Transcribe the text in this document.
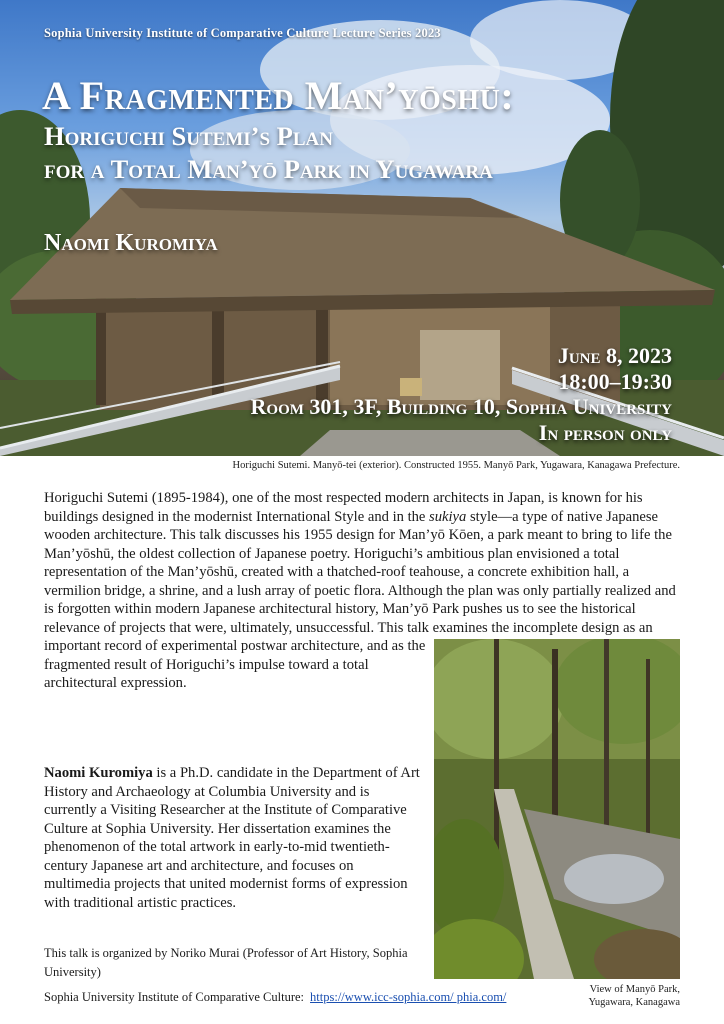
Sophia University Institute of Comparative Culture Lecture Series 2023
A Fragmented Man’yōshū:
Horiguchi Sutemi’s Plan
for a Total Man’yō Park in Yugawara
Naomi Kuromiya
June 8, 2023
18:00–19:30
Room 301, 3F, Building 10, Sophia University
In person only
Horiguchi Sutemi. Manyō-tei (exterior). Constructed 1955. Manyō Park, Yugawara, Kanagawa Prefecture.

Horiguchi Sutemi (1895-1984), one of the most respected modern architects in Japan, is known for his buildings designed in the modernist International Style and in the sukiya style—a type of native Japanese wooden architecture. This talk discusses his 1955 design for Man’yō Kōen, a park meant to bring to life the Man’yōshū, the oldest collection of Japanese poetry. Horiguchi’s ambitious plan envisioned a total representation of the Man’yōshū, created with a thatched-roof teahouse, a concrete exhibition hall, a vermilion bridge, a shrine, and a lush array of poetic flora. Although the plan was only partially realized and is forgotten within modern Japanese architectural history, Man’yō Park pushes us to see the historical relevance of projects that were, ultimately, unsuccessful. This talk examines the incomplete design as an important record of experimental postwar architecture, and as the fragmented result of Horiguchi’s impulse toward a total architectural expression.

Naomi Kuromiya is a Ph.D. candidate in the Department of Art History and Archaeology at Columbia University and is currently a Visiting Researcher at the Institute of Comparative Culture at Sophia University. Her dissertation examines the phenomenon of the total artwork in early-to-mid twentieth-century Japanese art and architecture, and focuses on multimedia projects that united modernist forms of expression with traditional artistic practices.

This talk is organized by Noriko Murai (Professor of Art History, Sophia University)
Sophia University Institute of Comparative Culture: https://www.icc-sophia.com/ phia.com/
View of Manyō Park,
Yugawara, Kanagawa
